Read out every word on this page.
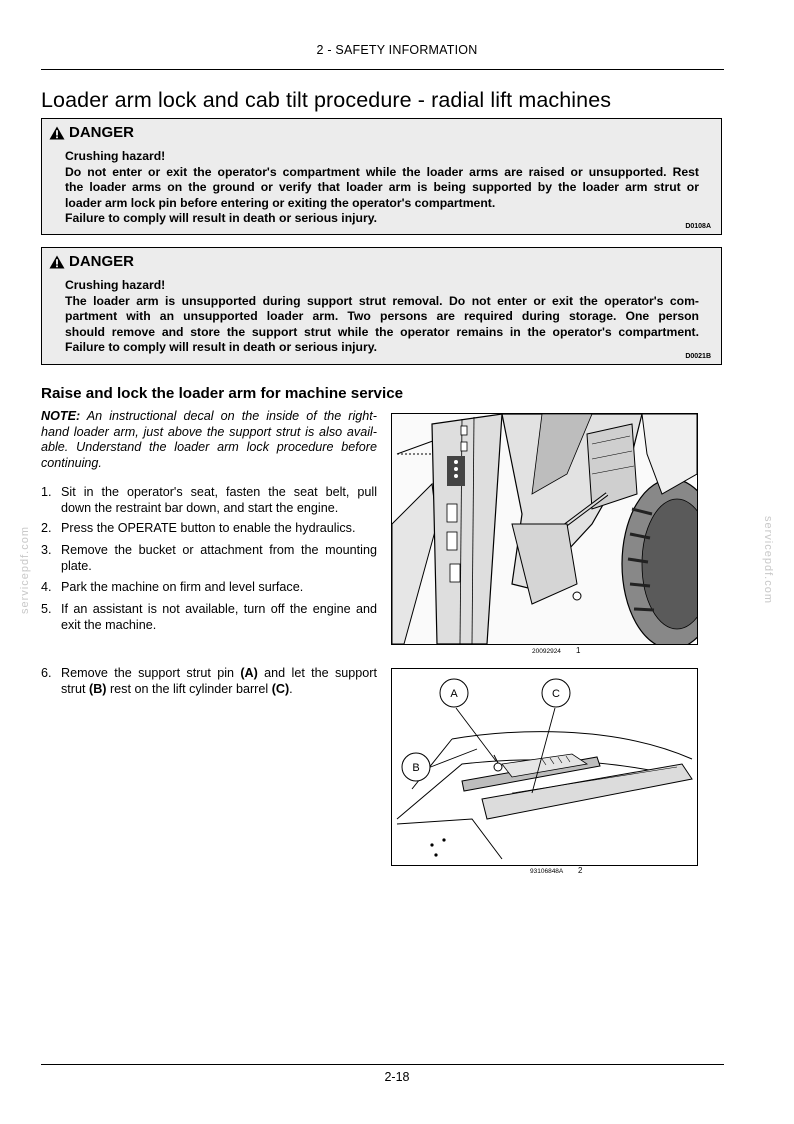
2 - SAFETY INFORMATION
Loader arm lock and cab tilt procedure - radial lift machines
DANGER
Crushing hazard!
Do not enter or exit the operator's compartment while the loader arms are raised or unsupported. Rest
the loader arms on the ground or verify that loader arm is being supported by the loader arm strut or
loader arm lock pin before entering or exiting the operator's compartment.
Failure to comply will result in death or serious injury.
D0108A
DANGER
Crushing hazard!
The loader arm is unsupported during support strut removal. Do not enter or exit the operator's com-
partment with an unsupported loader arm. Two persons are required during storage. One person
should remove and store the support strut while the operator remains in the operator's compartment.
Failure to comply will result in death or serious injury.
D0021B
Raise and lock the loader arm for machine service
NOTE: An instructional decal on the inside of the right-
hand loader arm, just above the support strut is also avail-
able. Understand the loader arm lock procedure before
continuing.
1. Sit in the operator's seat, fasten the seat belt, pull
down the restraint bar down, and start the engine.
2. Press the OPERATE button to enable the hydraulics.
3. Remove the bucket or attachment from the mounting
plate.
4. Park the machine on firm and level surface.
5. If an assistant is not available, turn off the engine and
exit the machine.
6. Remove the support strut pin (A) and let the support
strut (B) rest on the lift cylinder barrel (C).
20092924 1
A	C
B
93106848A 2
servicepdf.com	servicepdf.com
2-18
